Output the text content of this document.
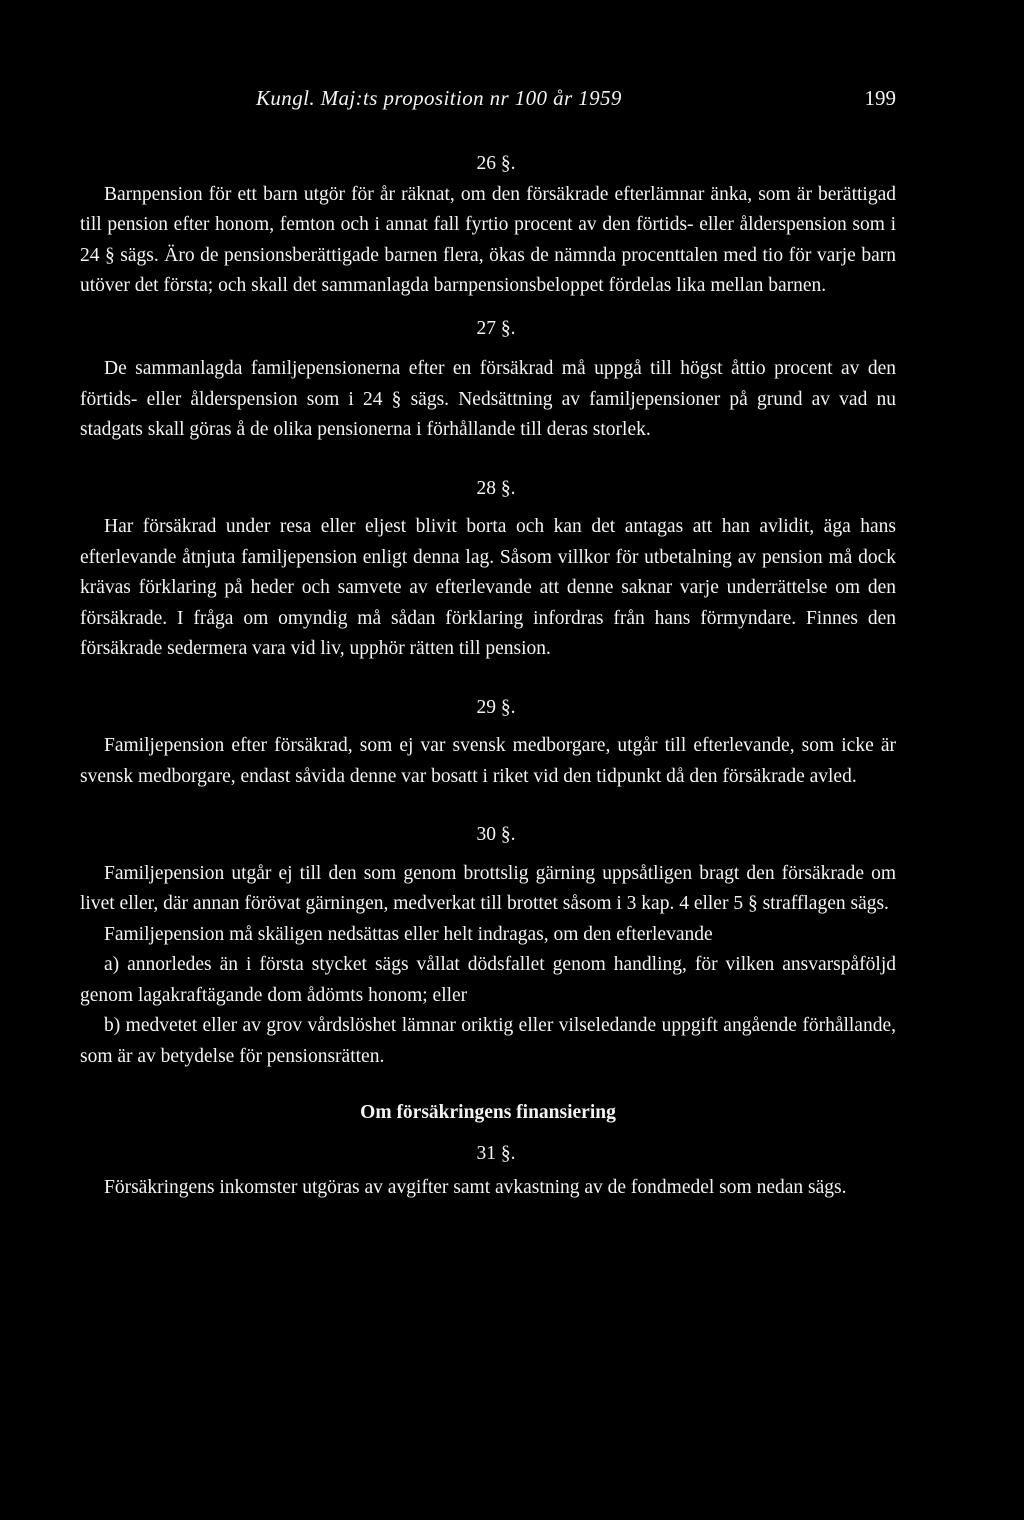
Kungl. Maj:ts proposition nr 100 år 1959	199
26 §.

Barnpension för ett barn utgör för år räknat, om den försäkrade efterlämnar änka, som är berättigad till pension efter honom, femton och i annat fall fyrtio procent av den förtids- eller ålderspension som i 24 § sägs. Äro de pensionsberättigade barnen flera, ökas de nämnda procenttalen med tio för varje barn utöver det första; och skall det sammanlagda barnpensionsbeloppet fördelas lika mellan barnen.

27 §.

De sammanlagda familjepensionerna efter en försäkrad må uppgå till högst åttio procent av den förtids- eller ålderspension som i 24 § sägs. Nedsättning av familjepensioner på grund av vad nu stadgats skall göras å de olika pensionerna i förhållande till deras storlek.

28 §.

Har försäkrad under resa eller eljest blivit borta och kan det antagas att han avlidit, äga hans efterlevande åtnjuta familjepension enligt denna lag. Såsom villkor för utbetalning av pension må dock krävas förklaring på heder och samvete av efterlevande att denne saknar varje underrättelse om den försäkrade. I fråga om omyndig må sådan förklaring infordras från hans förmyndare. Finnes den försäkrade sedermera vara vid liv, upphör rätten till pension.

29 §.

Familjepension efter försäkrad, som ej var svensk medborgare, utgår till efterlevande, som icke är svensk medborgare, endast såvida denne var bosatt i riket vid den tidpunkt då den försäkrade avled.

30 §.

Familjepension utgår ej till den som genom brottslig gärning uppsåtligen bragt den försäkrade om livet eller, där annan förövat gärningen, medverkat till brottet såsom i 3 kap. 4 eller 5 § strafflagen sägs.

Familjepension må skäligen nedsättas eller helt indragas, om den efterlevande

a) annorledes än i första stycket sägs vållat dödsfallet genom handling, för vilken ansvarspåföljd genom lagakraftägande dom ådömts honom; eller

b) medvetet eller av grov vårdslöshet lämnar oriktig eller vilseledande uppgift angående förhållande, som är av betydelse för pensionsrätten.

Om försäkringens finansiering
31 §.

Försäkringens inkomster utgöras av avgifter samt avkastning av de fondmedel som nedan sägs.
